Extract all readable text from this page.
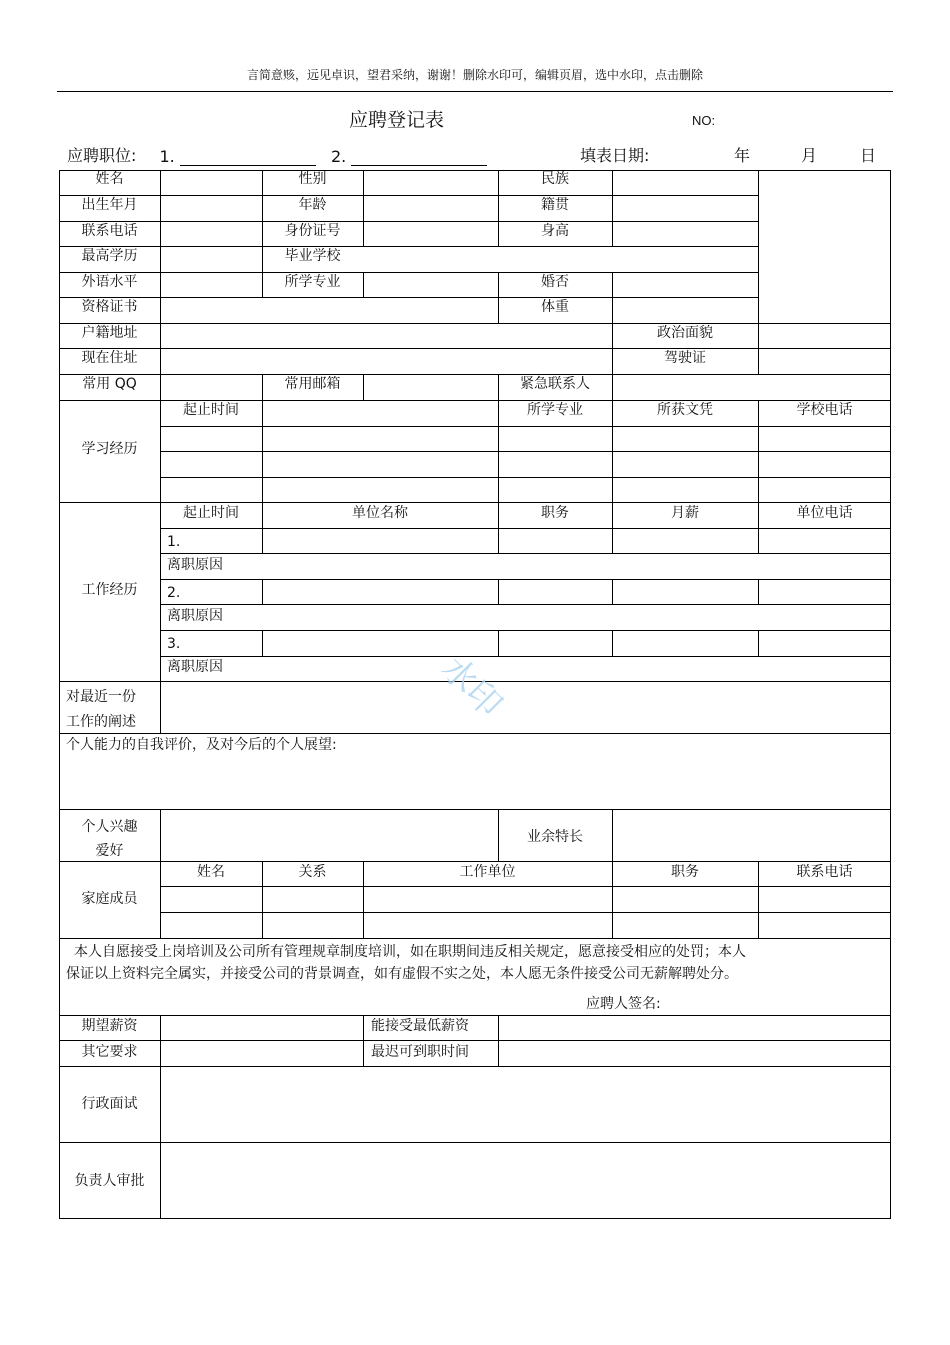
言简意赅，远见卓识，望君采纳，谢谢！删除水印可，编辑页眉，选中水印，点击删除
应聘登记表	NO:
应聘职位: 1.	2.	填表日期:	年	月	日
姓名	性别	民族
出生年月	年龄	籍贯
联系电话	身份证号	身高
最高学历	毕业学校
外语水平	所学专业	婚否
资格证书	体重
户籍地址	政治面貌
现在住址	驾驶证
常用 QQ	常用邮箱	紧急联系人
学习经历
起止时间	所学专业	所获文凭	学校电话
工作经历
起止时间	单位名称	职务	月薪	单位电话
1.
离职原因
2.
离职原因
3.
离职原因
对最近一份
工作的阐述
个人能力的自我评价，及对今后的个人展望:
个人兴趣
爱好
业余特长
家庭成员
姓名	关系	工作单位	职务	联系电话
本人自愿接受上岗培训及公司所有管理规章制度培训，如在职期间违反相关规定，愿意接受相应的处罚；本人
保证以上资料完全属实，并接受公司的背景调查，如有虚假不实之处，本人愿无条件接受公司无薪解聘处分。
应聘人签名:
期望薪资	能接受最低薪资
其它要求	最迟可到职时间
行政面试
负责人审批
水印
